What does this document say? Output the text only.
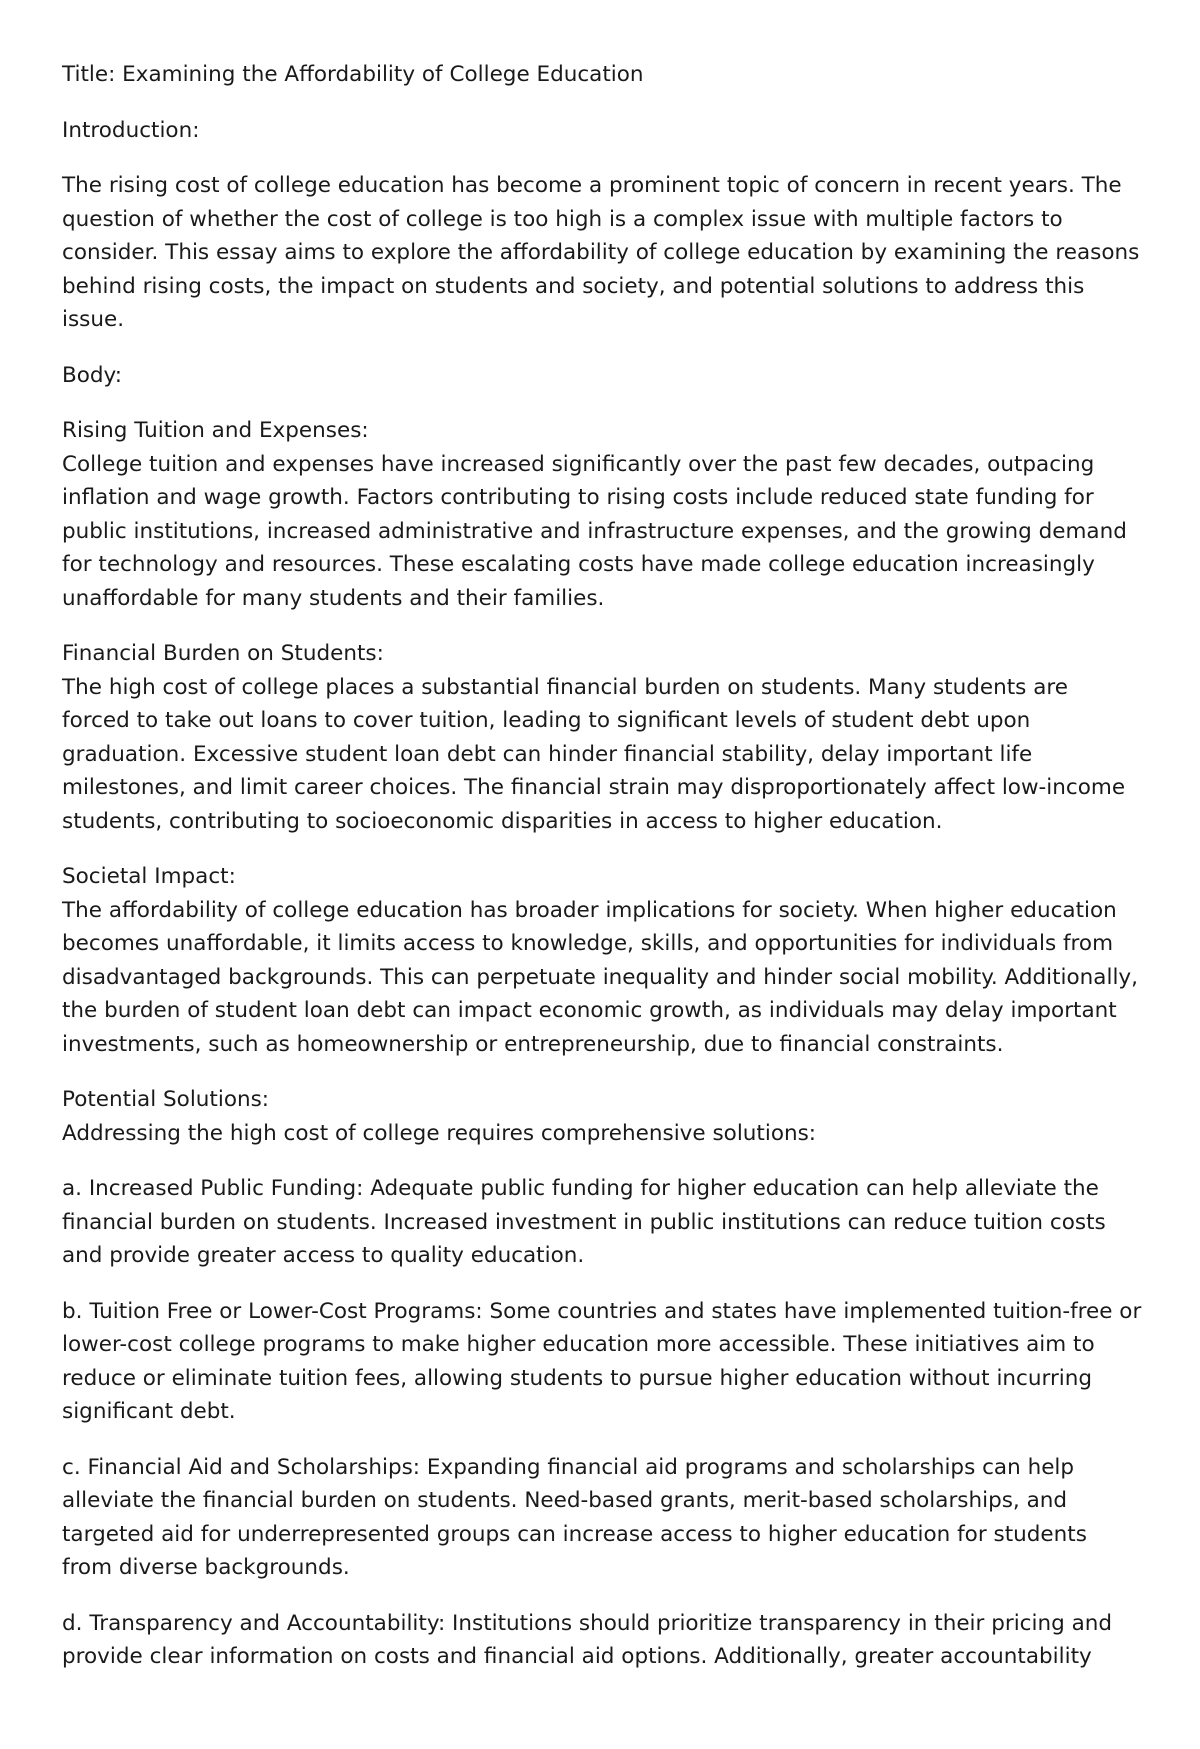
Title: Examining the Affordability of College Education

Introduction:

The rising cost of college education has become a prominent topic of concern in recent years. The question of whether the cost of college is too high is a complex issue with multiple factors to consider. This essay aims to explore the affordability of college education by examining the reasons behind rising costs, the impact on students and society, and potential solutions to address this issue.

Body:

Rising Tuition and Expenses:
College tuition and expenses have increased significantly over the past few decades, outpacing inflation and wage growth. Factors contributing to rising costs include reduced state funding for public institutions, increased administrative and infrastructure expenses, and the growing demand for technology and resources. These escalating costs have made college education increasingly unaffordable for many students and their families.
Financial Burden on Students:
The high cost of college places a substantial financial burden on students. Many students are forced to take out loans to cover tuition, leading to significant levels of student debt upon graduation. Excessive student loan debt can hinder financial stability, delay important life milestones, and limit career choices. The financial strain may disproportionately affect low-income students, contributing to socioeconomic disparities in access to higher education.
Societal Impact:
The affordability of college education has broader implications for society. When higher education becomes unaffordable, it limits access to knowledge, skills, and opportunities for individuals from disadvantaged backgrounds. This can perpetuate inequality and hinder social mobility. Additionally, the burden of student loan debt can impact economic growth, as individuals may delay important investments, such as homeownership or entrepreneurship, due to financial constraints.
Potential Solutions:
Addressing the high cost of college requires comprehensive solutions:

a. Increased Public Funding: Adequate public funding for higher education can help alleviate the financial burden on students. Increased investment in public institutions can reduce tuition costs and provide greater access to quality education.

b. Tuition Free or Lower-Cost Programs: Some countries and states have implemented tuition-free or lower-cost college programs to make higher education more accessible. These initiatives aim to reduce or eliminate tuition fees, allowing students to pursue higher education without incurring significant debt.

c. Financial Aid and Scholarships: Expanding financial aid programs and scholarships can help alleviate the financial burden on students. Need-based grants, merit-based scholarships, and targeted aid for underrepresented groups can increase access to higher education for students from diverse backgrounds.

d. Transparency and Accountability: Institutions should prioritize transparency in their pricing and provide clear information on costs and financial aid options. Additionally, greater accountability
